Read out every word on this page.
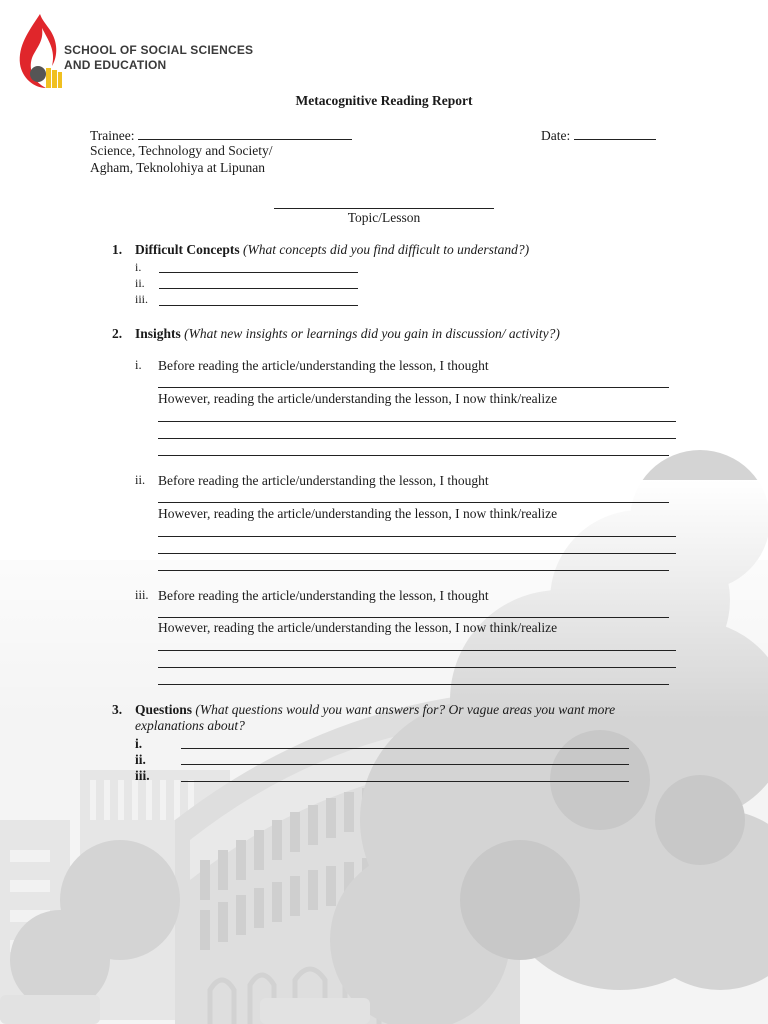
SCHOOL OF SOCIAL SCIENCES
AND EDUCATION
Metacognitive Reading Report
Trainee:	Date:
Science, Technology and Society/
Agham, Teknolohiya at Lipunan
Topic/Lesson
1. Difficult Concepts (What concepts did you find difficult to understand?)
i.
ii.
iii.
2. Insights (What new insights or learnings did you gain in discussion/ activity?)
i. Before reading the article/understanding the lesson, I thought
However, reading the article/understanding the lesson, I now think/realize
ii. Before reading the article/understanding the lesson, I thought
However, reading the article/understanding the lesson, I now think/realize
iii. Before reading the article/understanding the lesson, I thought
However, reading the article/understanding the lesson, I now think/realize
3. Questions (What questions would you want answers for? Or vague areas you want more
explanations about?
i.
ii.
iii.
